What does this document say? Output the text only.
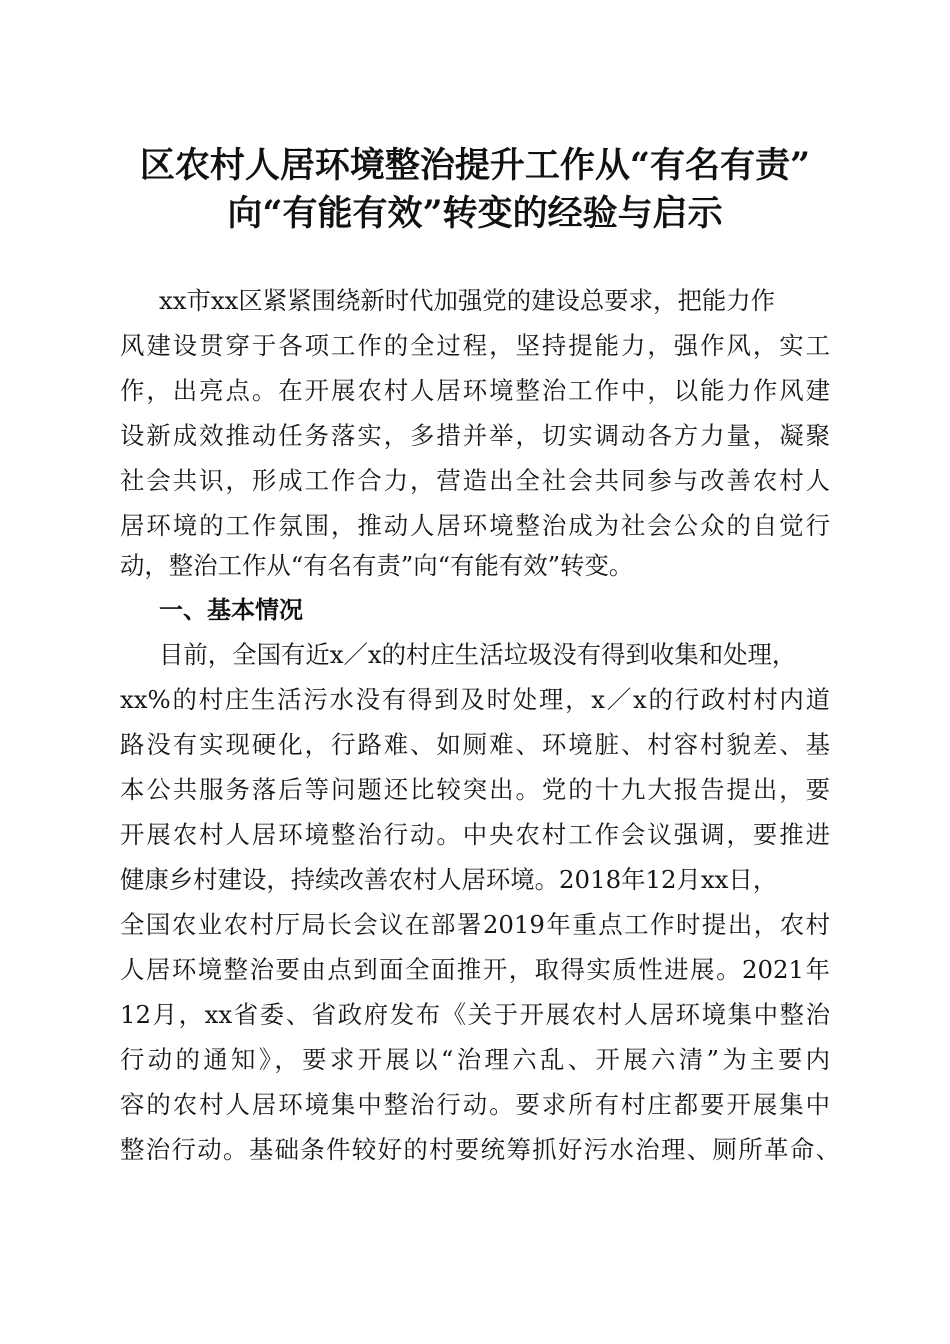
区农村人居环境整治提升工作从“有名有责”
向“有能有效”转变的经验与启示

xx市xx区紧紧围绕新时代加强党的建设总要求，把能力作

风建设贯穿于各项工作的全过程，坚持提能力，强作风，实工

作，出亮点。在开展农村人居环境整治工作中，以能力作风建

设新成效推动任务落实，多措并举，切实调动各方力量，凝聚

社会共识，形成工作合力，营造出全社会共同参与改善农村人

居环境的工作氛围，推动人居环境整治成为社会公众的自觉行

动，整治工作从“有名有责”向“有能有效”转变。

一、基本情况

目前，全国有近x／x的村庄生活垃圾没有得到收集和处理，

xx%的村庄生活污水没有得到及时处理，x／x的行政村村内道

路没有实现硬化，行路难、如厕难、环境脏、村容村貌差、基

本公共服务落后等问题还比较突出。党的十九大报告提出，要

开展农村人居环境整治行动。中央农村工作会议强调，要推进

健康乡村建设，持续改善农村人居环境。2018年12月xx日，

全国农业农村厅局长会议在部署2019年重点工作时提出，农村

人居环境整治要由点到面全面推开，取得实质性进展。2021年

12月，xx省委、省政府发布《关于开展农村人居环境集中整治

行动的通知》，要求开展以“治理六乱、开展六清”为主要内

容的农村人居环境集中整治行动。要求所有村庄都要开展集中

整治行动。基础条件较好的村要统筹抓好污水治理、厕所革命、
